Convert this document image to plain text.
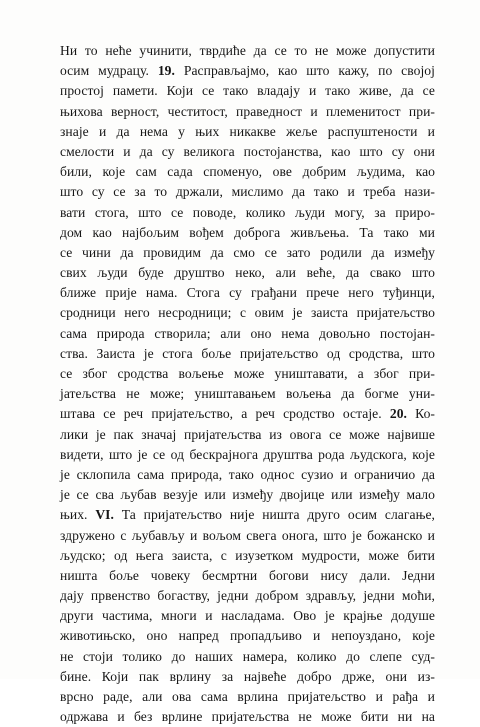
Ни то неће учинити, тврдиће да се то не може допустити
осим мудрацу. 19. Расправљајмо, као што кажу, по својој
простој памети. Који се тако владају и тако живе, да се
њихова верност, честитост, праведност и племенитост при-
знаје и да нема у њих никакве жеље распуштености и
смелости и да су великога постојанства, као што су они
били, које сам сада споменуо, ове добрим људима, као
што су се за то држали, мислимо да тако и треба нази-
вати стога, што се поводе, колико људи могу, за приро-
дом као најбољим вођем доброга живљења. Та тако ми
се чини да провидим да смо се зато родили да између
свих људи буде друштво неко, али веће, да свако што
ближе прије нама. Стога су грађани прече него туђинци,
сродници него несродници; с овим је заиста пријатељство
сама природа створила; али оно нема довољно постојан-
ства. Заиста је стога боље пријатељство од сродства, што
се због сродства вољење може уништавати, а због при-
јатељства не може; уништавањем вољења да богме уни-
штава се реч пријатељство, а реч сродство остаје. 20. Ко-
лики је пак значај пријатељства из овога се може највише
видети, што је се од бескрајнога друштва рода људскога, које
је склопила сама природа, тако однос сузио и ограничио да
је се сва љубав везује или између двојице или између мало
њих. VI. Та пријатељство није ништа друго осим слагање,
здружено с љубављу и вољом свега онога, што је божанско и
људско; од њега заиста, с изузетком мудрости, може бити
ништа боље човеку бесмртни богови нису дали. Једни
дају првенство богаству, једни добром здрављу, једни моћи,
други частима, многи и насладама. Ово је крајње додуше
животињско, оно напред пропадљиво и непоуздано, које
не стоји толико до наших намера, колико до слепе суд-
бине. Који пак врлину за највеће добро држе, они из-
врсно раде, али ова сама врлина пријатељство и рађа и
одржава и без врлине пријатељства не може бити ни на
